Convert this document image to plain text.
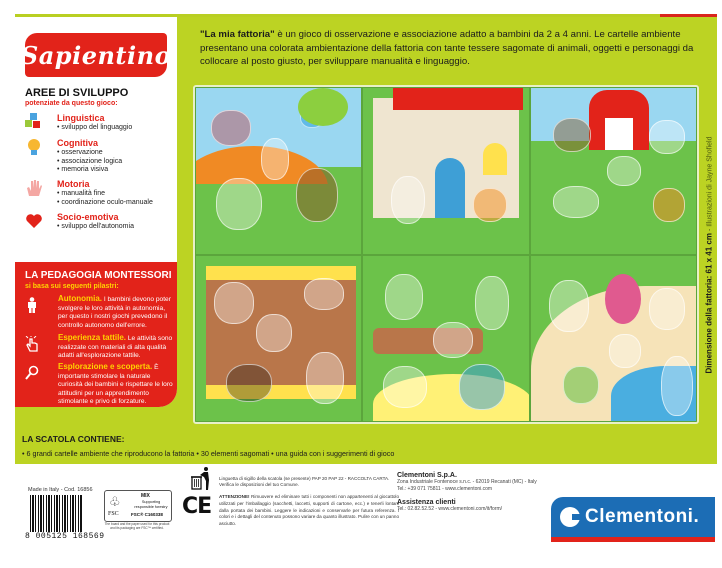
Sapientino
AREE DI SVILUPPO
potenziate da questo gioco:
Linguistica
• sviluppo del linguaggio
Cognitiva
• osservazione
• associazione logica
• memoria visiva
Motoria
• manualità fine
• coordinazione oculo-manuale
Socio-emotiva
• sviluppo dell'autonomia
LA PEDAGOGIA MONTESSORI
si basa sui seguenti pilastri:

Autonomia. I bambini devono poter svolgere le loro attività in autonomia, per questo i nostri giochi prevedono il controllo autonomo dell'errore.

Esperienza tattile. Le attività sono realizzate con materiali di alta qualità adatti all'esplorazione tattile.

Esplorazione e scoperta. È importante stimolare la naturale curiosità dei bambini e rispettare le loro attitudini per un apprendimento stimolante e privo di forzature.

"La mia fattoria" è un gioco di osservazione e associazione adatto a bambini da 2 a 4 anni. Le cartelle ambiente presentano una colorata ambientazione della fattoria con tante tessere sagomate di animali, oggetti e personaggi da collocare al posto giusto, per sviluppare manualità e linguaggio.
Dimensione della fattoria: 61 x 41 cm - Illustrazioni di Jayne Shofield
LA SCATOLA CONTIENE:
• 6 grandi cartelle ambiente che riproducono la fattoria • 30 elementi sagomati • una guida con i suggerimenti di gioco
Made in Italy - Cod. 16856
8 005125 168569
♧
FSC
MIX
Supporting responsible forestry
FSC® C160338
The board and the paper used for this product and its packaging are FSC™ certified.
CE
Linguetta di sigillo della scatola (se presente) PAP 20 PAP 22 - RACCOLTA CARTA. Verifica le disposizioni del tuo Comune.
ATTENZIONE! Rimuovere ed eliminare tutti i componenti non appartenenti al giocattolo utilizzati per l'imballaggio (sacchetti, laccetti, supporti di cartone, ecc.) e tenerli lontani dalla portata dei bambini. Leggere le indicazioni e conservarle per futura referenza. I colori e i dettagli del contenuto possono variare da quanto illustrato. Pulire con un panno asciutto.
Clementoni S.p.A.
Zona Industriale Fontenoce s.n.c. - 62019 Recanati (MC) - Italy
Tel.: +39 071 75811 - www.clementoni.com
Assistenza clienti
Tel.: 02.82.52.52 - www.clementoni.com/it/form/	Clementoni.
